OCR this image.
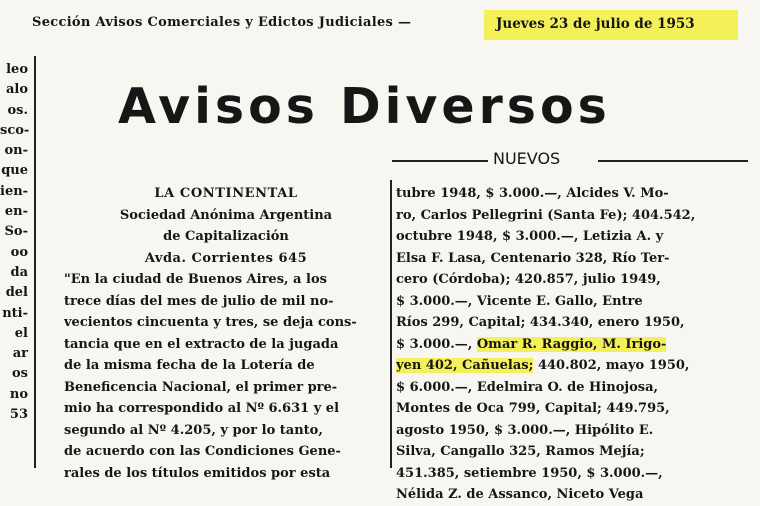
Sección Avisos Comerciales y Edictos Judiciales —	Jueves 23 de julio de 1953
leo
alo
os.
sco-
on-
que
ien-
en-
So-
oo
da
del
nti-
el
ar
os
no
53
Avisos Diversos
NUEVOS
LA CONTINENTAL
Sociedad Anónima Argentina
de Capitalización
Avda. Corrientes 645
"En la ciudad de Buenos Aires, a los
trece días del mes de julio de mil no-
vecientos cincuenta y tres, se deja cons-
tancia que en el extracto de la jugada
de la misma fecha de la Lotería de
Beneficencia Nacional, el primer pre-
mio ha correspondido al Nº 6.631 y el
segundo al Nº 4.205, y por lo tanto,
de acuerdo con las Condiciones Gene-
rales de los títulos emitidos por esta
tubre 1948, $ 3.000.—, Alcides V. Mo-
ro, Carlos Pellegrini (Santa Fe); 404.542,
octubre 1948, $ 3.000.—, Letizia A. y
Elsa F. Lasa, Centenario 328, Río Ter-
cero (Córdoba); 420.857, julio 1949,
$ 3.000.—, Vicente E. Gallo, Entre
Ríos 299, Capital; 434.340, enero 1950,
$ 3.000.—, Omar R. Raggio, M. Irigo-
yen 402, Cañuelas; 440.802, mayo 1950,
$ 6.000.—, Edelmira O. de Hinojosa,
Montes de Oca 799, Capital; 449.795,
agosto 1950, $ 3.000.—, Hipólito E.
Silva, Cangallo 325, Ramos Mejía;
451.385, setiembre 1950, $ 3.000.—,
Nélida Z. de Assanco, Niceto Vega
